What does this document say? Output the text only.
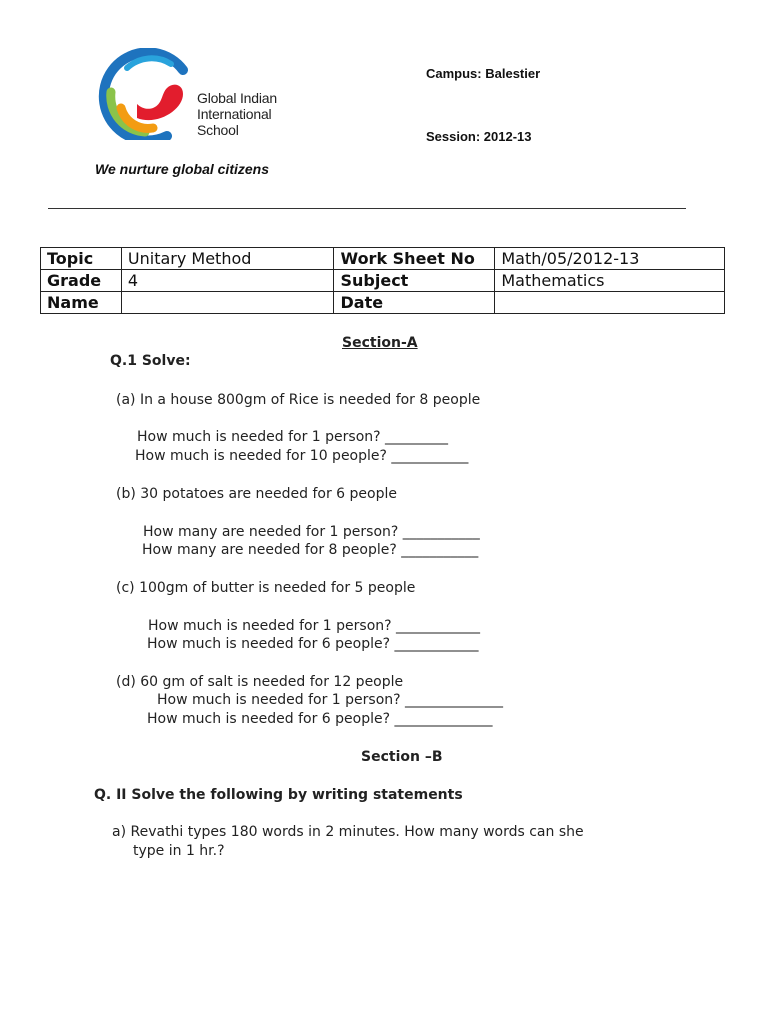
Global Indian
International
School
We nurture global citizens
Campus: Balestier
Session: 2012-13
Topic	Unitary Method	Work Sheet No	Math/05/2012-13
Grade	4	Subject	Mathematics
Name		Date	
Section-A
Q.1 Solve:
(a) In a house 800gm of Rice is needed for 8 people
How much is needed for 1 person? _________
How much is needed for 10 people? ___________
(b) 30 potatoes are needed for 6 people
How many are needed for 1 person? ___________
How many are needed for 8 people? ___________
(c) 100gm of butter is needed for 5 people
How much is needed for 1 person? ____________
How much is needed for 6 people? ____________
(d) 60 gm of salt is needed for 12 people
How much is needed for 1 person? ______________
How much is needed for 6 people? ______________
Section –B
Q. II Solve the following by writing statements
a) Revathi types 180 words in 2 minutes. How many words can she
type in 1 hr.?
